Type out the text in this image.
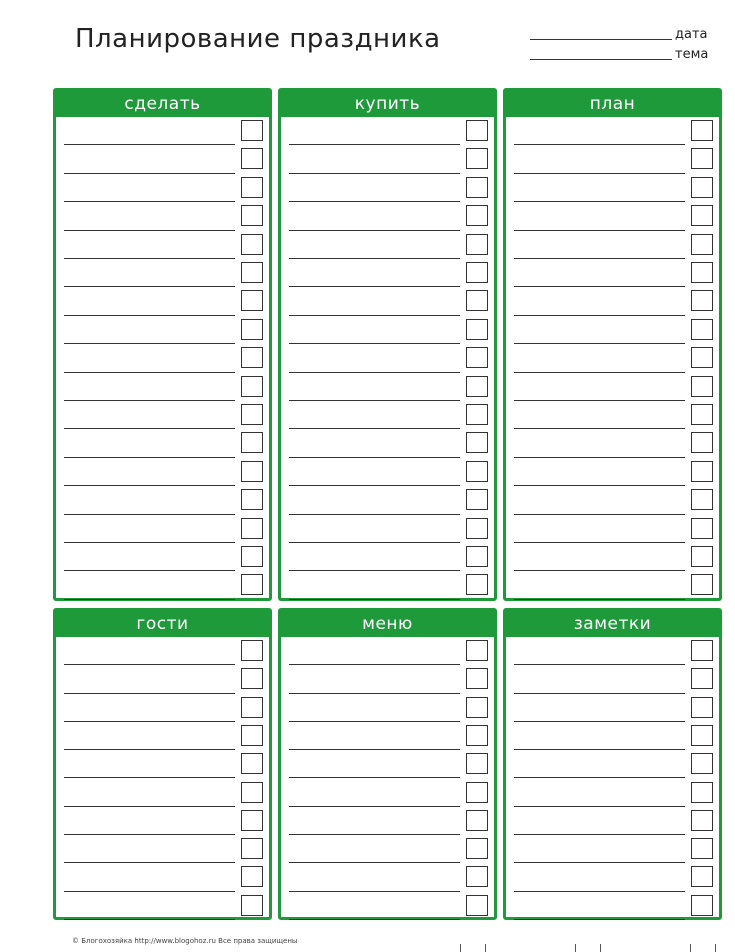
Планирование праздника	дата
тема
сделать	купить	план
гости	меню	заметки
© Блогохозяйка http://www.blogohoz.ru Все права защищены
